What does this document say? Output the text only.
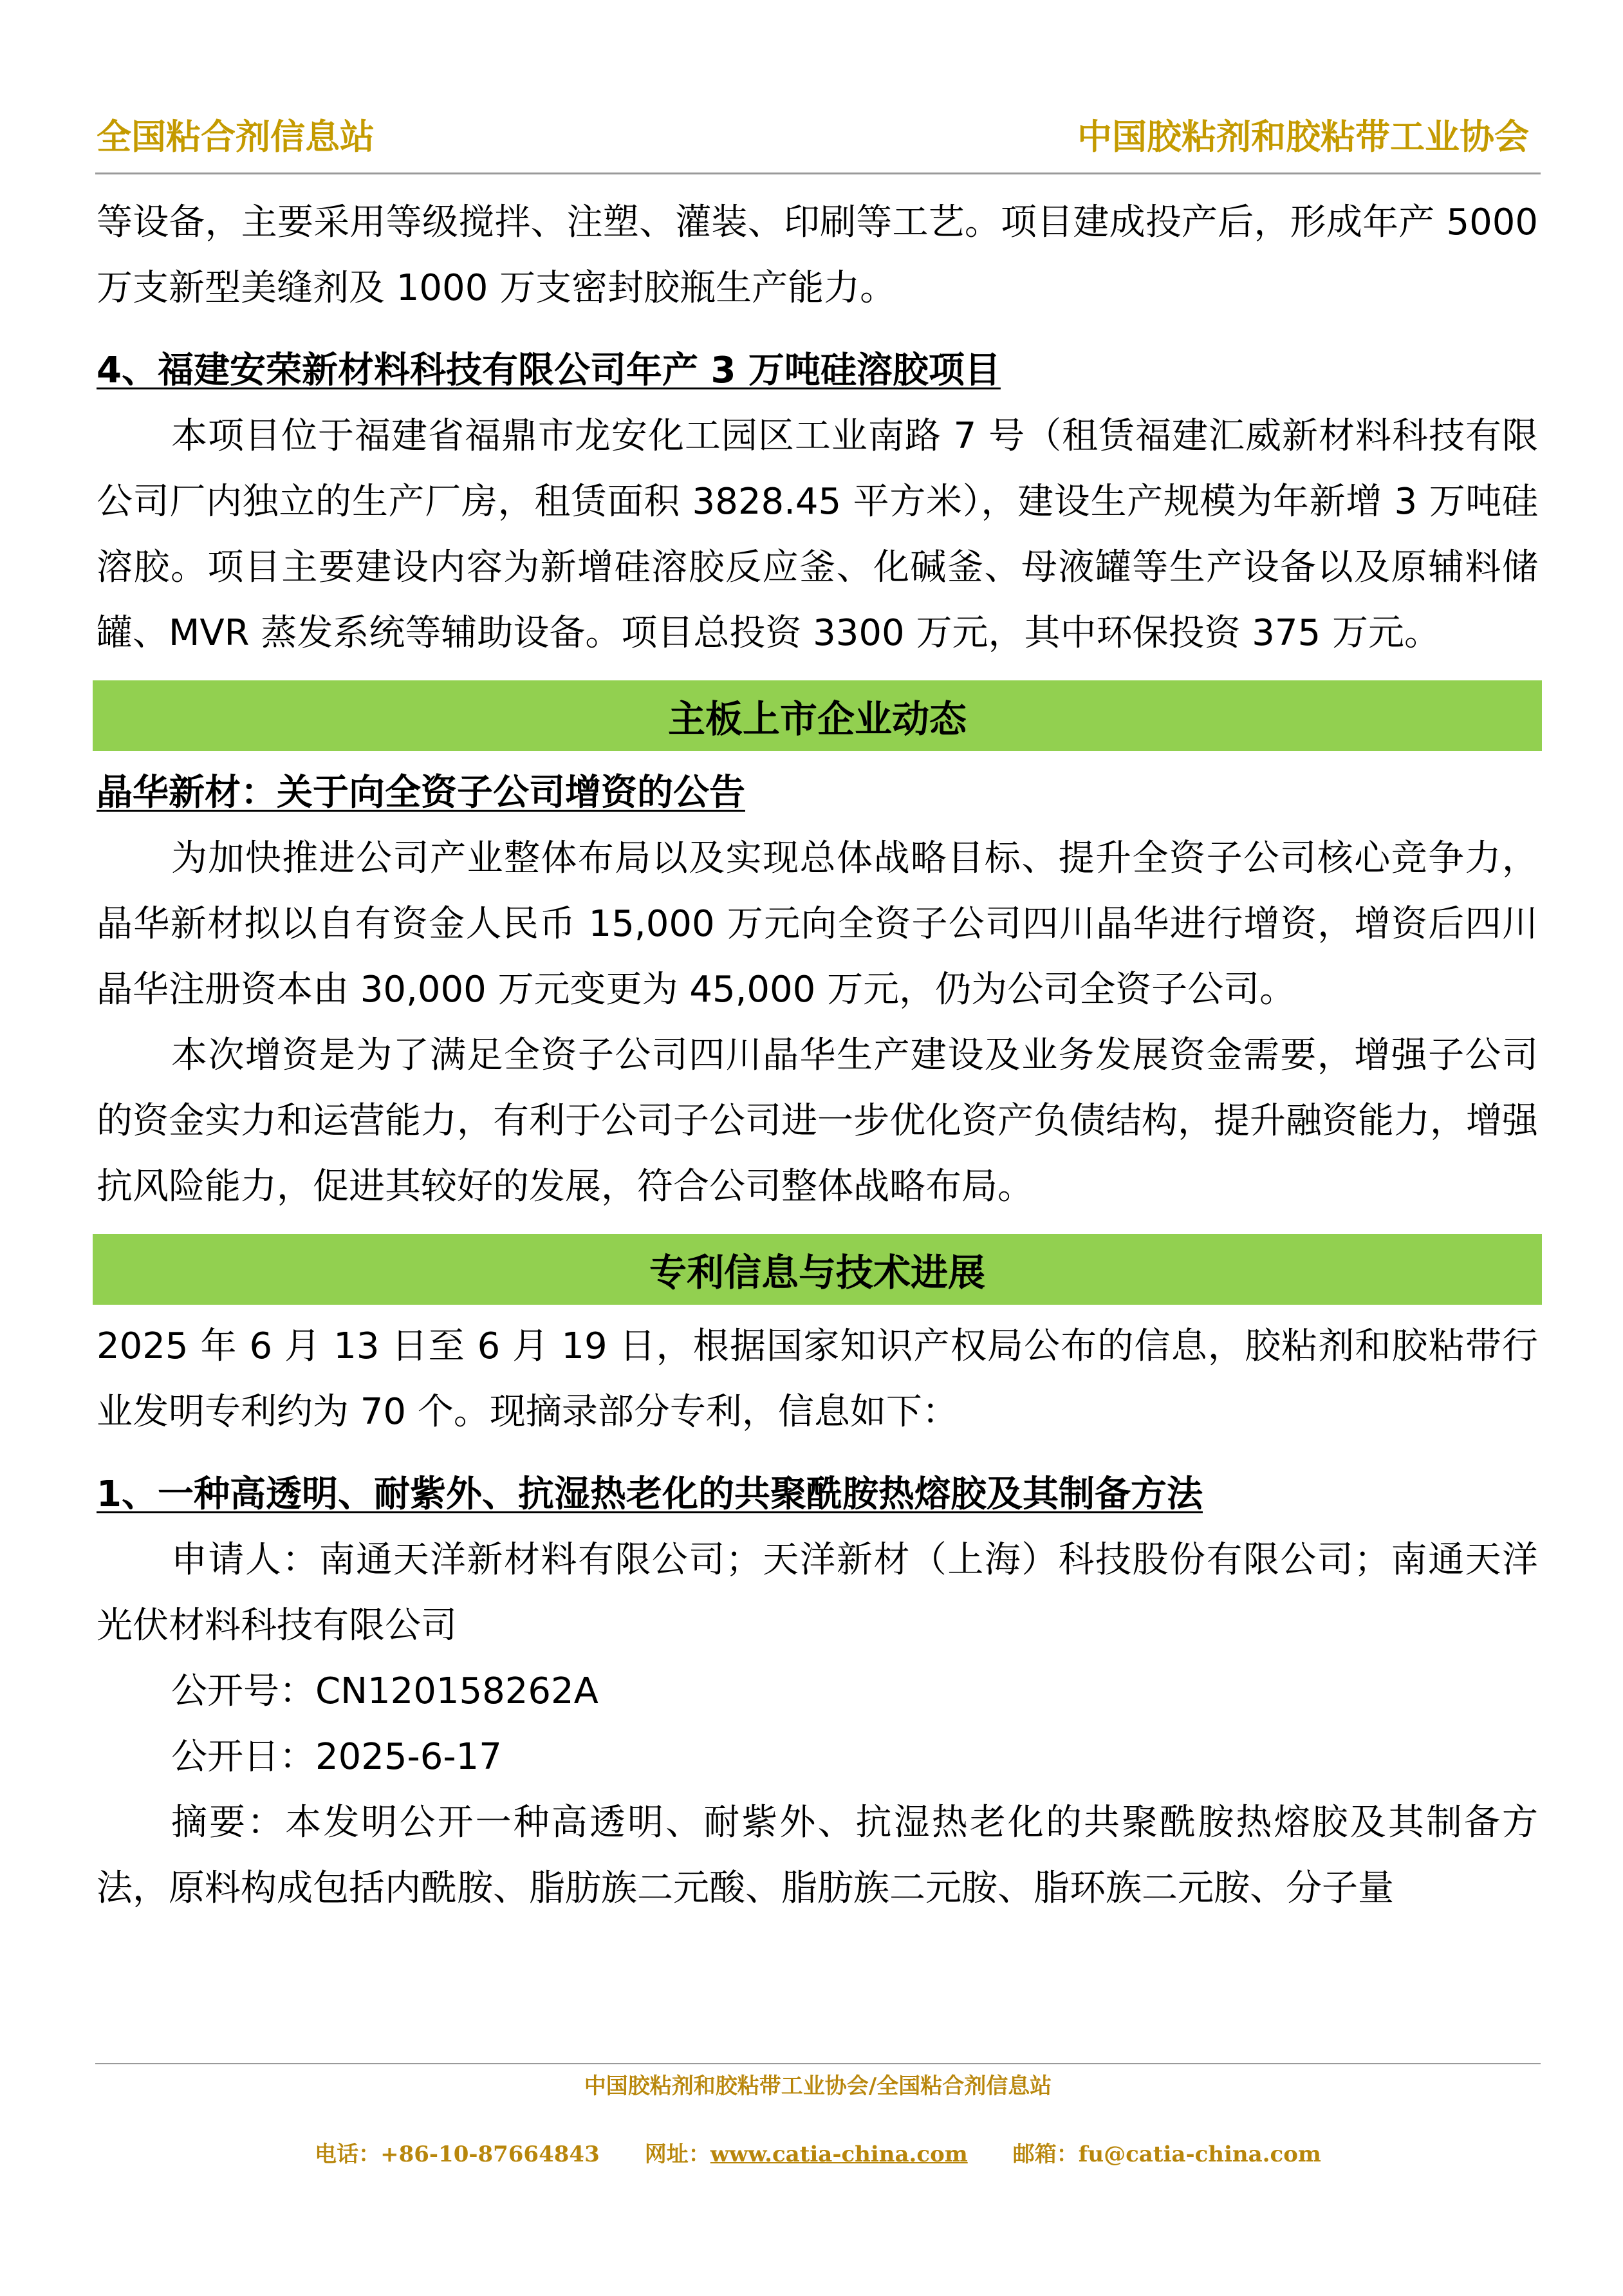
全国粘合剂信息站	中国胶粘剂和胶粘带工业协会

等设备，主要采用等级搅拌、注塑、灌装、印刷等工艺。项目建成投产后，形成年产 5000 万支新型美缝剂及 1000 万支密封胶瓶生产能力。

4、福建安荣新材料科技有限公司年产 3 万吨硅溶胶项目

本项目位于福建省福鼎市龙安化工园区工业南路 7 号（租赁福建汇威新材料科技有限公司厂内独立的生产厂房，租赁面积 3828.45 平方米），建设生产规模为年新增 3 万吨硅溶胶。项目主要建设内容为新增硅溶胶反应釜、化碱釜、母液罐等生产设备以及原辅料储罐、MVR 蒸发系统等辅助设备。项目总投资 3300 万元，其中环保投资 375 万元。

主板上市企业动态
晶华新材：关于向全资子公司增资的公告

为加快推进公司产业整体布局以及实现总体战略目标、提升全资子公司核心竞争力，晶华新材拟以自有资金人民币 15,000 万元向全资子公司四川晶华进行增资，增资后四川晶华注册资本由 30,000 万元变更为 45,000 万元，仍为公司全资子公司。

本次增资是为了满足全资子公司四川晶华生产建设及业务发展资金需要，增强子公司的资金实力和运营能力，有利于公司子公司进一步优化资产负债结构，提升融资能力，增强抗风险能力，促进其较好的发展，符合公司整体战略布局。

专利信息与技术进展

2025 年 6 月 13 日至 6 月 19 日，根据国家知识产权局公布的信息，胶粘剂和胶粘带行业发明专利约为 70 个。现摘录部分专利，信息如下：

1、一种高透明、耐紫外、抗湿热老化的共聚酰胺热熔胶及其制备方法

申请人：南通天洋新材料有限公司；天洋新材（上海）科技股份有限公司；南通天洋光伏材料科技有限公司

公开号：CN120158262A

公开日：2025-6-17

摘要：本发明公开一种高透明、耐紫外、抗湿热老化的共聚酰胺热熔胶及其制备方法，原料构成包括内酰胺、脂肪族二元酸、脂肪族二元胺、脂环族二元胺、分子量

中国胶粘剂和胶粘带工业协会/全国粘合剂信息站
电话：+86-10-87664843 网址：www.catia-china.com 邮箱：fu@catia-china.com
